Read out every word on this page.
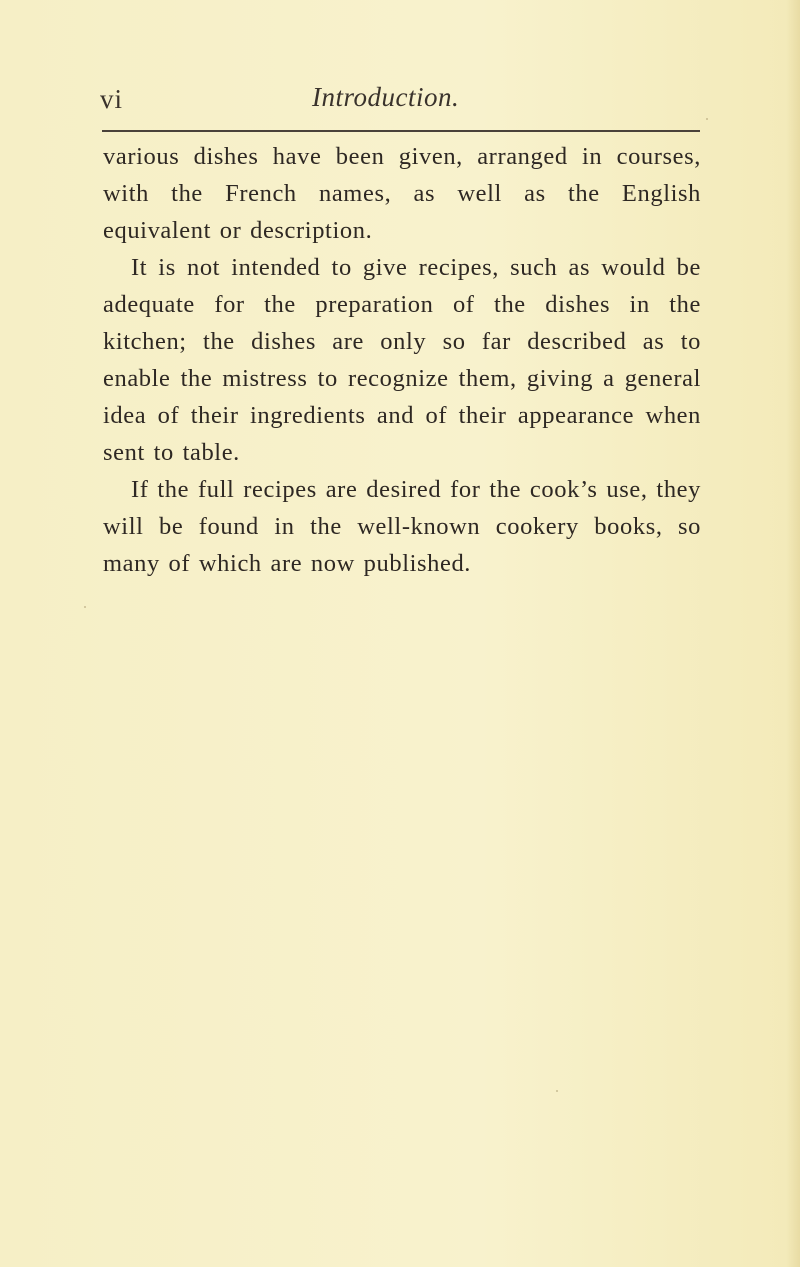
vi	Introduction.

various dishes have been given, arranged in courses, with the French names, as well as the English equivalent or description.

It is not intended to give recipes, such as would be adequate for the preparation of the dishes in the kitchen; the dishes are only so far described as to enable the mistress to recognize them, giving a general idea of their ingredients and of their appearance when sent to table.

If the full recipes are desired for the cook’s use, they will be found in the well-known cookery books, so many of which are now published.
